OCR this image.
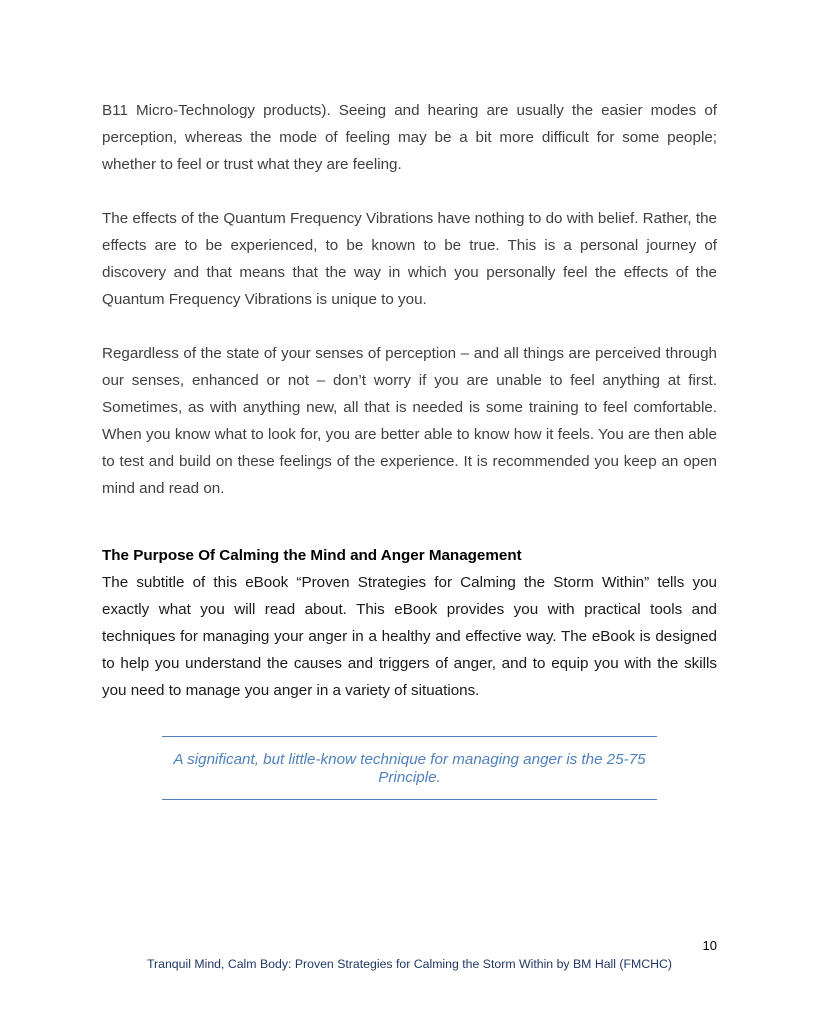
B11 Micro-Technology products). Seeing and hearing are usually the easier modes of perception, whereas the mode of feeling may be a bit more difficult for some people; whether to feel or trust what they are feeling.

The effects of the Quantum Frequency Vibrations have nothing to do with belief. Rather, the effects are to be experienced, to be known to be true. This is a personal journey of discovery and that means that the way in which you personally feel the effects of the Quantum Frequency Vibrations is unique to you.

Regardless of the state of your senses of perception – and all things are perceived through our senses, enhanced or not – don’t worry if you are unable to feel anything at first. Sometimes, as with anything new, all that is needed is some training to feel comfortable. When you know what to look for, you are better able to know how it feels. You are then able to test and build on these feelings of the experience. It is recommended you keep an open mind and read on.

The Purpose Of Calming the Mind and Anger Management

The subtitle of this eBook “Proven Strategies for Calming the Storm Within” tells you exactly what you will read about. This eBook provides you with practical tools and techniques for managing your anger in a healthy and effective way. The eBook is designed to help you understand the causes and triggers of anger, and to equip you with the skills you need to manage you anger in a variety of situations.

A significant, but little-know technique for managing anger is the 25-75
Principle.
10
Tranquil Mind, Calm Body: Proven Strategies for Calming the Storm Within by BM Hall (FMCHC)
